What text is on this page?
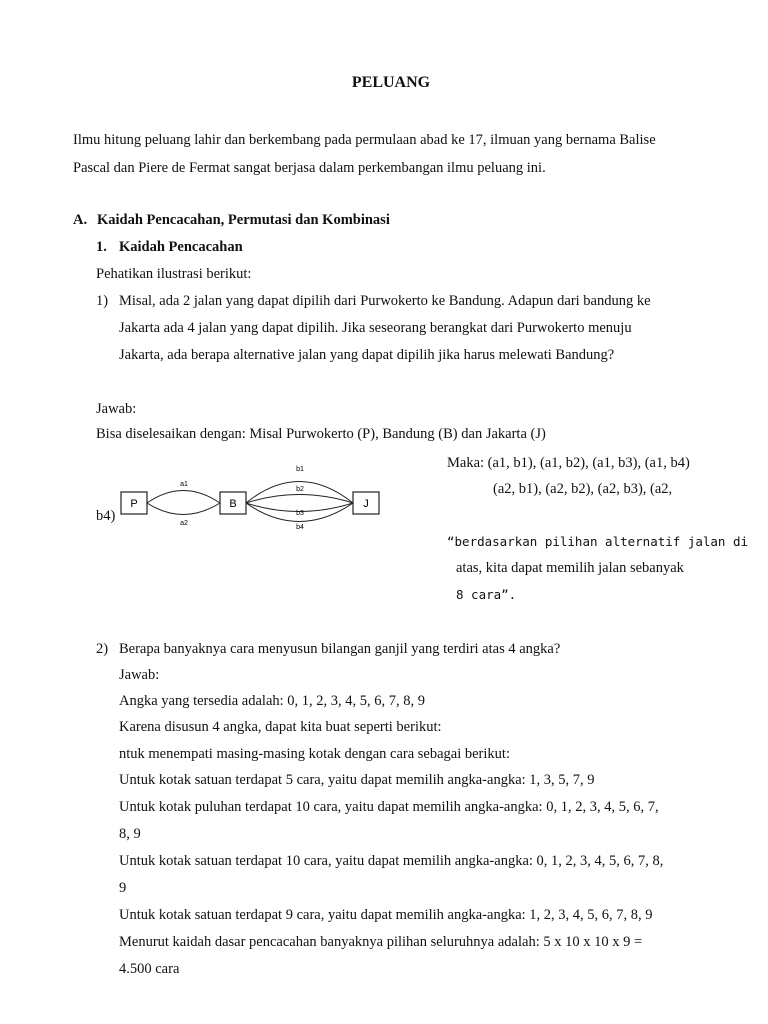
PELUANG
Ilmu hitung peluang lahir dan berkembang pada permulaan abad ke 17, ilmuan yang bernama Balise
Pascal dan Piere de Fermat sangat berjasa dalam perkembangan ilmu peluang ini.
A. Kaidah Pencacahan, Permutasi dan Kombinasi
1. Kaidah Pencacahan
Pehatikan ilustrasi berikut:
1) Misal, ada 2 jalan yang dapat dipilih dari Purwokerto ke Bandung. Adapun dari bandung ke
Jakarta ada 4 jalan yang dapat dipilih. Jika seseorang berangkat dari Purwokerto menuju
Jakarta, ada berapa alternative jalan yang dapat dipilih jika harus melewati Bandung?
Jawab:
Bisa diselesaikan dengan: Misal Purwokerto (P), Bandung (B) dan Jakarta (J)
Maka: (a1, b1), (a1, b2), (a1, b3), (a1, b4)
(a2, b1), (a2, b2), (a2, b3), (a2,
b4)
P	B	J
a1
a2
b1
b2
b3
b4
“berdasarkan pilihan alternatif jalan di
atas, kita dapat memilih jalan sebanyak
8 cara”.
2) Berapa banyaknya cara menyusun bilangan ganjil yang terdiri atas 4 angka?
Jawab:
Angka yang tersedia adalah: 0, 1, 2, 3, 4, 5, 6, 7, 8, 9
Karena disusun 4 angka, dapat kita buat seperti berikut:
ntuk menempati masing-masing kotak dengan cara sebagai berikut:
Untuk kotak satuan terdapat 5 cara, yaitu dapat memilih angka-angka: 1, 3, 5, 7, 9
Untuk kotak puluhan terdapat 10 cara, yaitu dapat memilih angka-angka: 0, 1, 2, 3, 4, 5, 6, 7,
8, 9
Untuk kotak satuan terdapat 10 cara, yaitu dapat memilih angka-angka: 0, 1, 2, 3, 4, 5, 6, 7, 8,
9
Untuk kotak satuan terdapat 9 cara, yaitu dapat memilih angka-angka: 1, 2, 3, 4, 5, 6, 7, 8, 9
Menurut kaidah dasar pencacahan banyaknya pilihan seluruhnya adalah: 5 x 10 x 10 x 9 =
4.500 cara
